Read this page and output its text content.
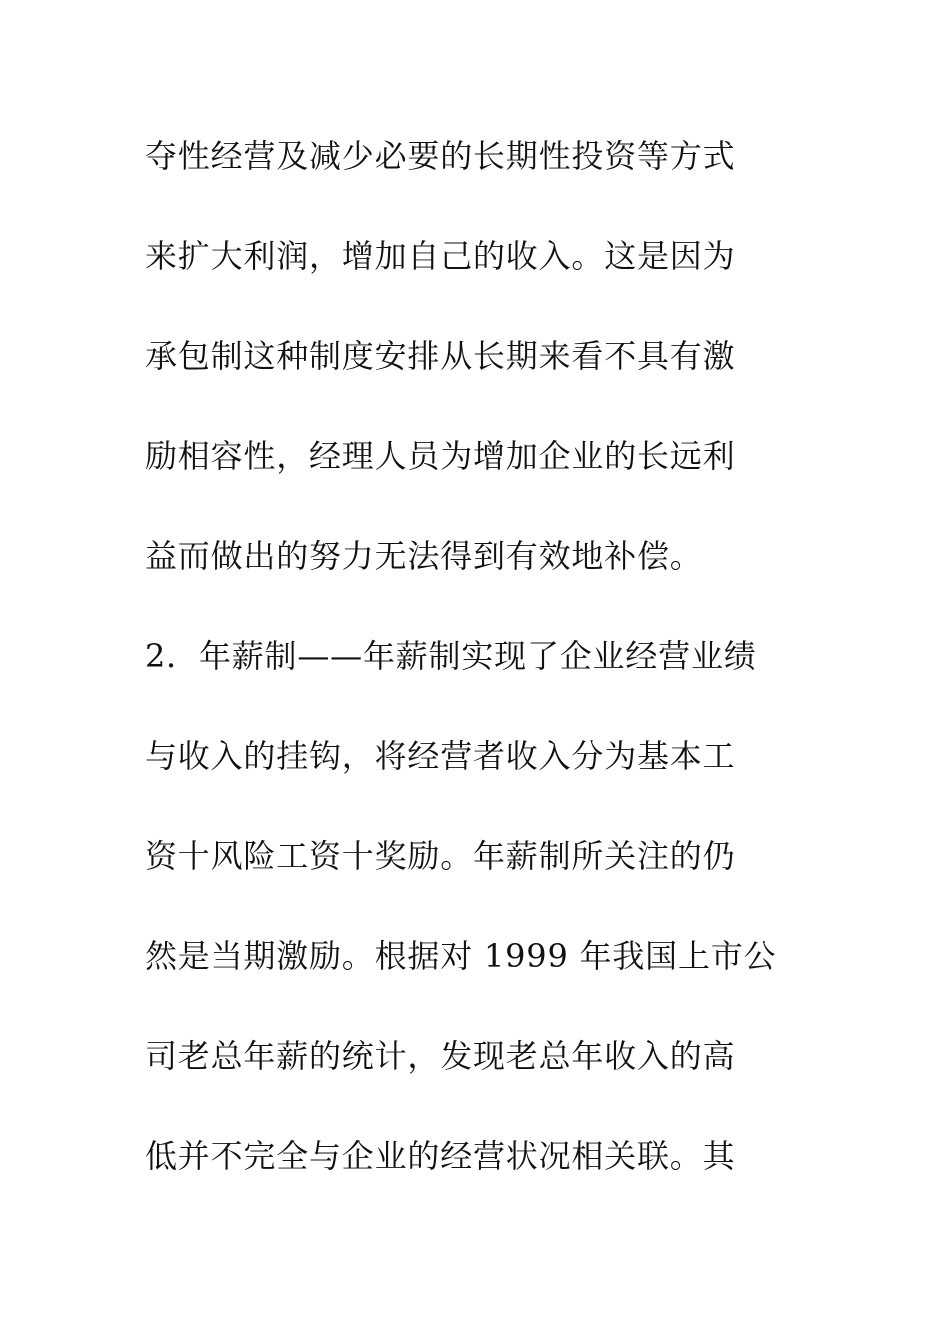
夺性经营及减少必要的长期性投资等方式
来扩大利润，增加自己的收入。这是因为
承包制这种制度安排从长期来看不具有激
励相容性，经理人员为增加企业的长远利
益而做出的努力无法得到有效地补偿。
2．年薪制——年薪制实现了企业经营业绩
与收入的挂钩，将经营者收入分为基本工
资十风险工资十奖励。年薪制所关注的仍
然是当期激励。根据对 1999 年我国上市公
司老总年薪的统计，发现老总年收入的高
低并不完全与企业的经营状况相关联。其
